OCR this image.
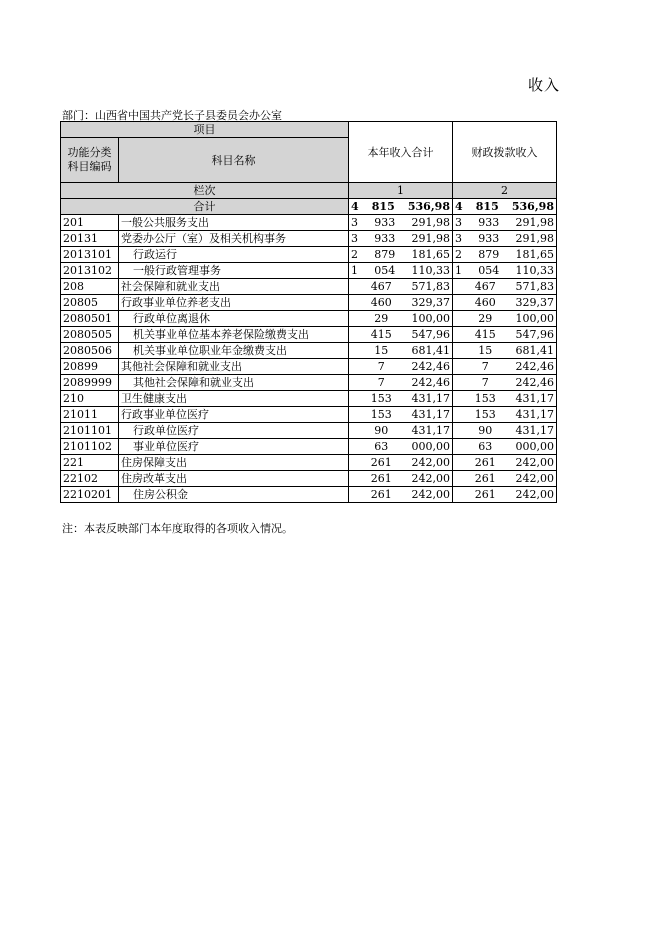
收入
部门：山西省中国共产党长子县委员会办公室
项目		本年收入合计	财政拨款收入
功能分类科目编码	科目名称		

栏次		1	2
合计		4 815 536,98	4 815 536,98

201	一般公共服务支出	3 933 291,98	3 933 291,98

20131	党委办公厅（室）及相关机构事务	3 933 291,98	3 933 291,98

2013101	行政运行	2 879 181,65	2 879 181,65

2013102	一般行政管理事务	1 054 110,33	1 054 110,33

208	社会保障和就业支出	467 571,83	467 571,83

20805	行政事业单位养老支出	460 329,37	460 329,37

2080501	行政单位离退休	29 100,00	29 100,00

2080505	机关事业单位基本养老保险缴费支出	415 547,96	415 547,96

2080506	机关事业单位职业年金缴费支出	15 681,41	15 681,41

20899	其他社会保障和就业支出	7 242,46	7 242,46

2089999	其他社会保障和就业支出	7 242,46	7 242,46

210	卫生健康支出	153 431,17	153 431,17

21011	行政事业单位医疗	153 431,17	153 431,17

2101101	行政单位医疗	90 431,17	90 431,17

2101102	事业单位医疗	63 000,00	63 000,00

221	住房保障支出	261 242,00	261 242,00

22102	住房改革支出	261 242,00	261 242,00

2210201	住房公积金	261 242,00	261 242,00
注：本表反映部门本年度取得的各项收入情况。
